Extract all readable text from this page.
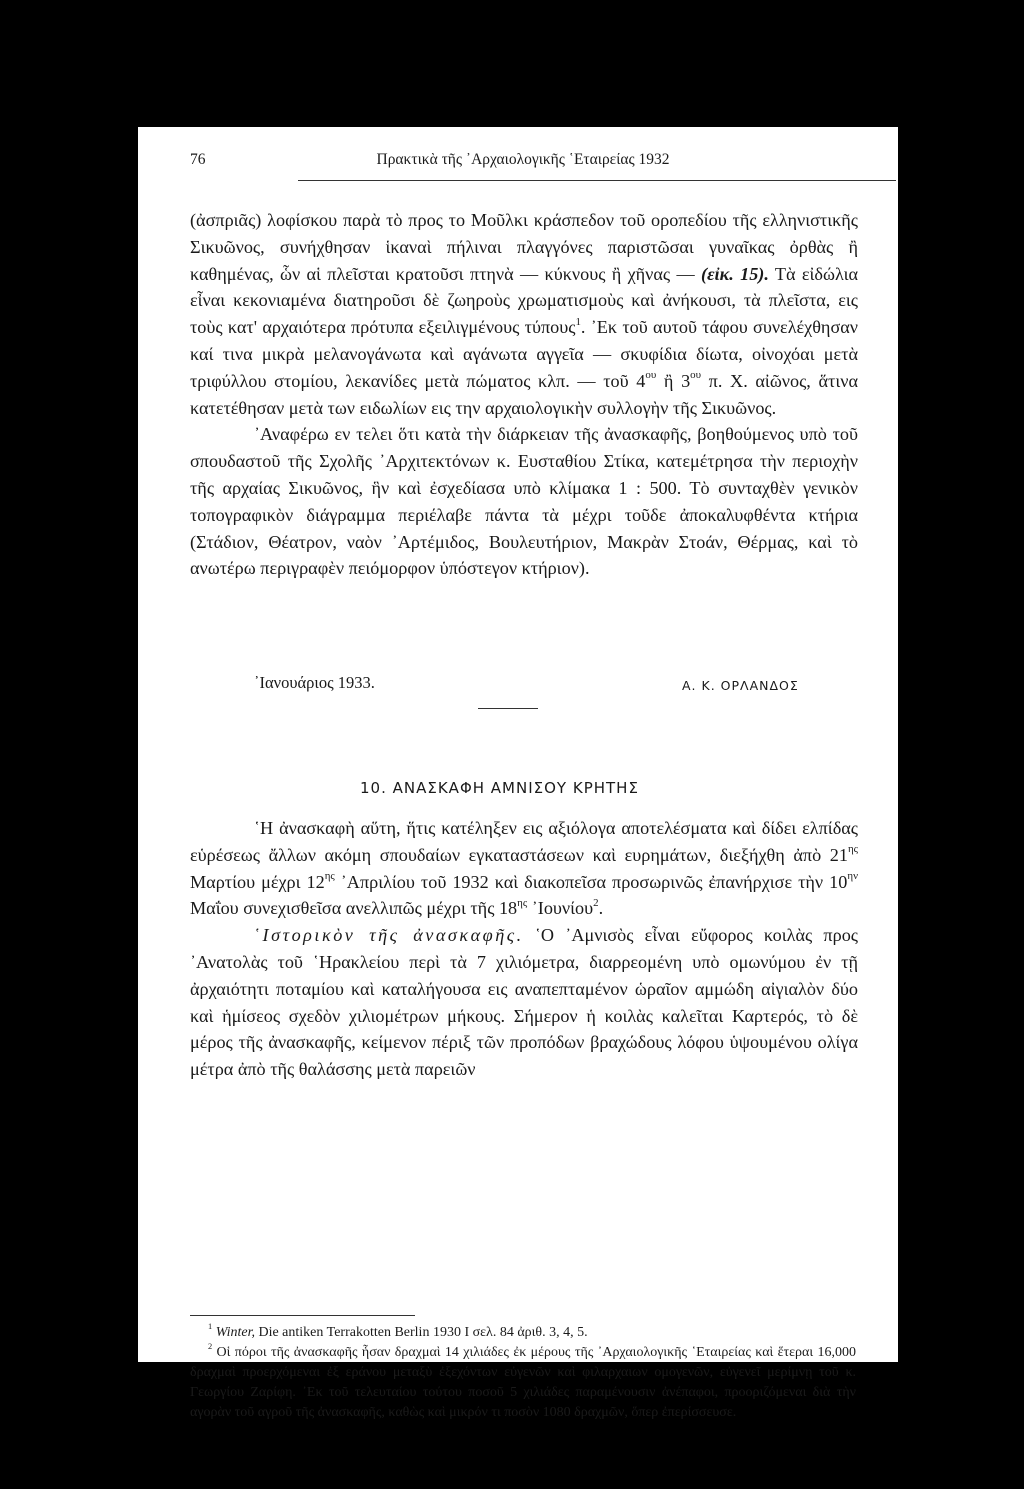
76	Πρακτικὰ τῆς ᾿Αρχαιολογικῆς ῾Εταιρείας 1932

(ἀσπριᾶς) λοφίσκου παρὰ τὸ προς το Μοῦλκι κράσπεδον τοῦ οροπεδίου τῆς ελληνιστικῆς Σικυῶνος, συνήχθησαν ἱκαναὶ πήλιναι πλαγγόνες παριστῶσαι γυναῖκας ὀρθὰς ἢ καθημένας, ὧν αἱ πλεῖσται κρατοῦσι πτηνὰ — κύκνους ἢ χῆνας — (εἰκ. 15). Τὰ εἰδώλια εἶναι κεκονιαμένα διατηροῦσι δὲ ζωηροὺς χρωματισμοὺς καὶ ἀνήκουσι, τὰ πλεῖστα, εις τοὺς κατ' αρχαιότερα πρότυπα εξειλιγμένους τύπους$^1$. ᾿Εκ τοῦ αυτοῦ τάφου συνελέχθησαν καί τινα μικρὰ μελανογάνωτα καὶ αγάνωτα αγγεῖα — σκυφίδια δίωτα, οἰνοχόαι μετὰ τριφύλλου στομίου, λεκανίδες μετὰ πώματος κλπ. — τοῦ $4^{o\upsilon}$ ἢ $3^{o\upsilon}$ π. Χ. αἰῶνος, ἅτινα κατετέθησαν μετὰ των ειδωλίων εις την αρχαιολογικὴν συλλογὴν τῆς Σικυῶνος.

᾿Αναφέρω εν τελει ὅτι κατὰ τὴν διάρκειαν τῆς ἀνασκαφῆς, βοηθούμενος υπὸ τοῦ σπουδαστοῦ τῆς Σχολῆς ᾿Αρχιτεκτόνων κ. Ευσταθίου Στίκα, κατεμέτρησα τὴν περιοχὴν τῆς αρχαίας Σικυῶνος, ἣν καὶ ἐσχεδίασα υπὸ κλίμακα 1 : 500. Τὸ συνταχθὲν γενικὸν τοπογραφικὸν διάγραμμα περιέλαβε πάντα τὰ μέχρι τοῦδε ἀποκαλυφθέντα κτήρια (Στάδιον, Θέατρον, ναὸν ᾿Αρτέμιδος, Βουλευτήριον, Μακρὰν Στοάν, Θέρμας, καὶ τὸ ανωτέρω περιγραφὲν πειόμορφον ὑπόστεγον κτήριον).

᾿Ιανουάριος 1933.	Α. Κ. ΟΡΛΑΝΔΟΣ
10. ΑΝΑΣΚΑΦΗ ΑΜΝΙΣΟΥ ΚΡΗΤΗΣ

῾Η ἀνασκαφὴ αὕτη, ἥτις κατέληξεν εις αξιόλογα αποτελέσματα καὶ δίδει ελπίδας εὑρέσεως ἄλλων ακόμη σπουδαίων εγκαταστάσεων καὶ ευρημάτων, διεξήχθη ἀπὸ $21^{\eta\varsigma}$ Μαρτίου μέχρι $12^{\eta\varsigma}$ ᾿Απριλίου τοῦ 1932 καὶ διακοπεῖσα προσωρινῶς ἐπανήρχισε τὴν $10^{\eta\nu}$ Μαΐου συνεχισθεῖσα ανελλιπῶς μέχρι τῆς $18^{\eta\varsigma}$ ᾿Ιουνίου$^2$.

῾Ιστορικὸν τῆς ἀνασκαφῆς. ῾Ο ᾿Αμνισὸς εἶναι εὔφορος κοιλὰς προς ᾿Ανατολὰς τοῦ ῾Ηρακλείου περὶ τὰ 7 χιλιόμετρα, διαρρεομένη υπὸ ομωνύμου ἐν τῇ ἀρχαιότητι ποταμίου καὶ καταλήγουσα εις αναπεπταμένον ὡραῖον αμμώδη αἰγιαλὸν δύο καὶ ἡμίσεος σχεδὸν χιλιομέτρων μήκους. Σήμερον ἡ κοιλὰς καλεῖται Καρτερός, τὸ δὲ μέρος τῆς ἀνασκαφῆς, κείμενον πέριξ τῶν προπόδων βραχώδους λόφου ὑψουμένου ολίγα μέτρα ἀπὸ τῆς θαλάσσης μετὰ παρειῶν

$^1$ Winter, Die antiken Terrakotten Berlin 1930 I σελ. 84 ἀριθ. 3, 4, 5.

$^2$ Οἱ πόροι τῆς ἀνασκαφῆς ἦσαν δραχμαὶ 14 χιλιάδες ἐκ μέρους τῆς ᾿Αρχαιολογικῆς ῾Εταιρείας καὶ ἕτεραι 16,000 δραχμαὶ προερχόμεναι ἐξ εράνου μεταξὺ ἐξεχόντων εὐγενῶν καὶ φιλαρχαιων ομογενῶν, εὐγενεῖ μερίμνῃ τοῦ κ. Γεωργίου Ζαρίφη. ᾿Εκ τοῦ τελευταίου τούτου ποσοῦ 5 χιλιάδες παραμένουσιν ἀνέπαφοι, προοριζόμεναι διὰ τὴν αγορὰν τοῦ αγροῦ τῆς ἀνασκαφῆς, καθὼς καὶ μικρόν τι ποσὸν 1080 δραχμῶν, ὅπερ ἐπερίσσευσε.
